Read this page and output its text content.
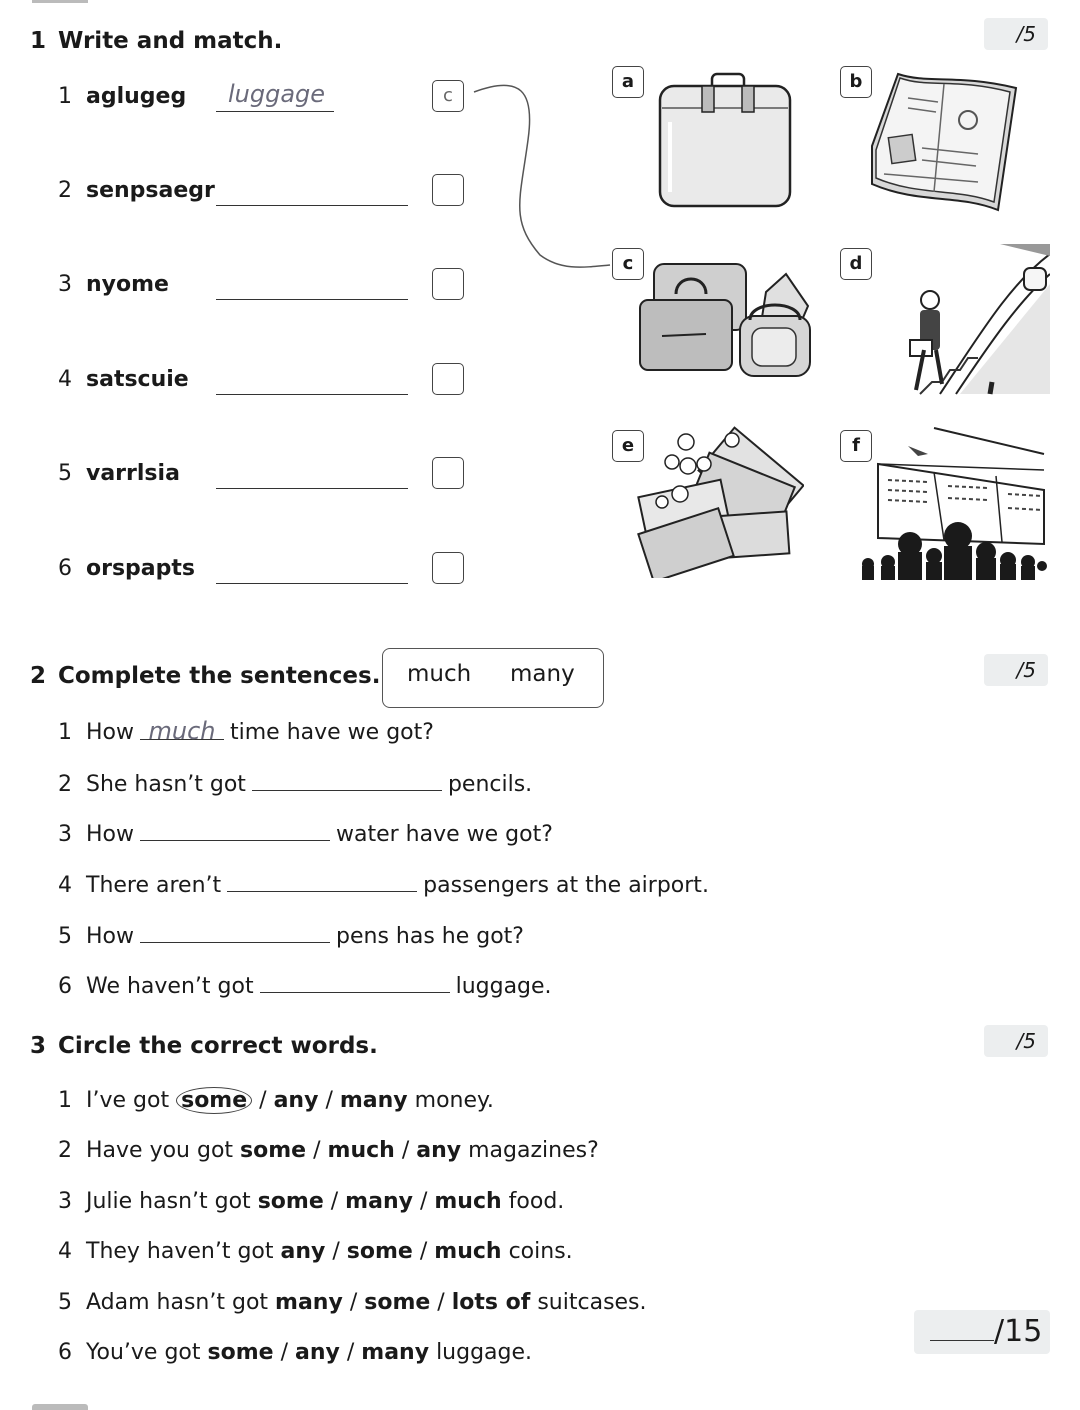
1 Write and match.	/5
1 aglugeg luggage	c
2 senpsaegr
3 nyome
4 satscuie
5 varrlsia
6 orspapts
a	b
c	d
e	f
2 Complete the sentences. much many	/5
1 How much time have we got?
2 She hasn’t got	pencils.
3 How	water have we got?
4 There aren’t	passengers at the airport.
5 How	pens has he got?
6 We haven’t got	luggage.
3 Circle the correct words.	/5
1 I’ve got some / any / many money.
2 Have you got some / much / any magazines?
3 Julie hasn’t got some / many / much food.
4 They haven’t got any / some / much coins.
5 Adam hasn’t got many / some / lots of suitcases.
6 You’ve got some / any / many luggage.
/15
